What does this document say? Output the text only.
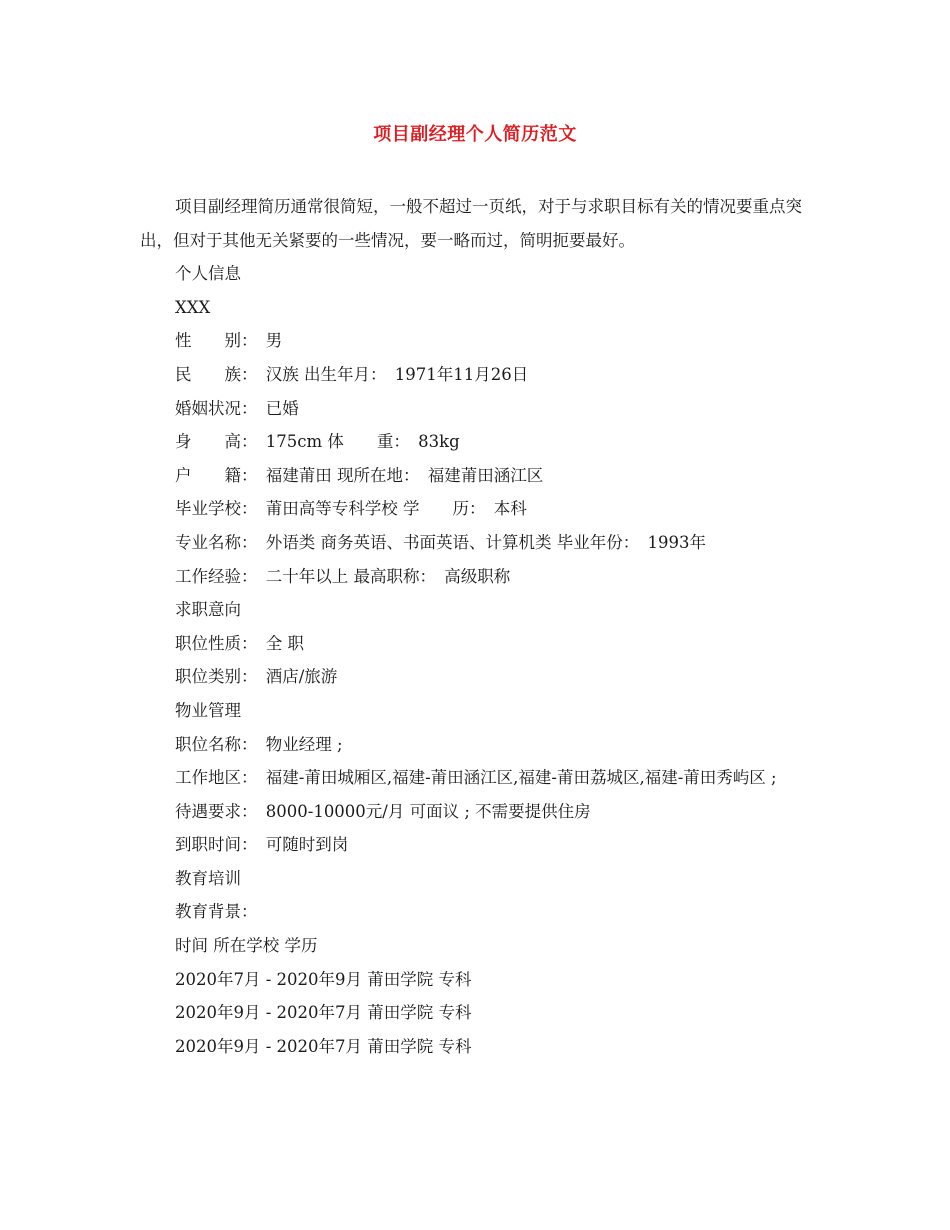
项目副经理个人简历范文
项目副经理简历通常很简短，一般不超过一页纸，对于与求职目标有关的情况要重点突出，但对于其他无关紧要的一些情况，要一略而过，简明扼要最好。
个人信息
XXX
性　　别：　男
民　　族：　汉族 出生年月：　1971年11月26日
婚姻状况：　已婚
身　　高：　175cm 体　　重：　83kg
户　　籍：　福建莆田 现所在地：　福建莆田涵江区
毕业学校：　莆田高等专科学校 学　　历：　本科
专业名称：　外语类 商务英语、书面英语、计算机类 毕业年份：　1993年
工作经验：　二十年以上 最高职称：　高级职称
求职意向
职位性质：　全 职
职位类别：　酒店/旅游
物业管理
职位名称：　物业经理 ;
工作地区：　福建-莆田城厢区,福建-莆田涵江区,福建-莆田荔城区,福建-莆田秀屿区 ;
待遇要求：　8000-10000元/月 可面议 ; 不需要提供住房
到职时间：　可随时到岗
教育培训
教育背景：
时间 所在学校 学历
2020年7月 - 2020年9月 莆田学院 专科
2020年9月 - 2020年7月 莆田学院 专科
2020年9月 - 2020年7月 莆田学院 专科
